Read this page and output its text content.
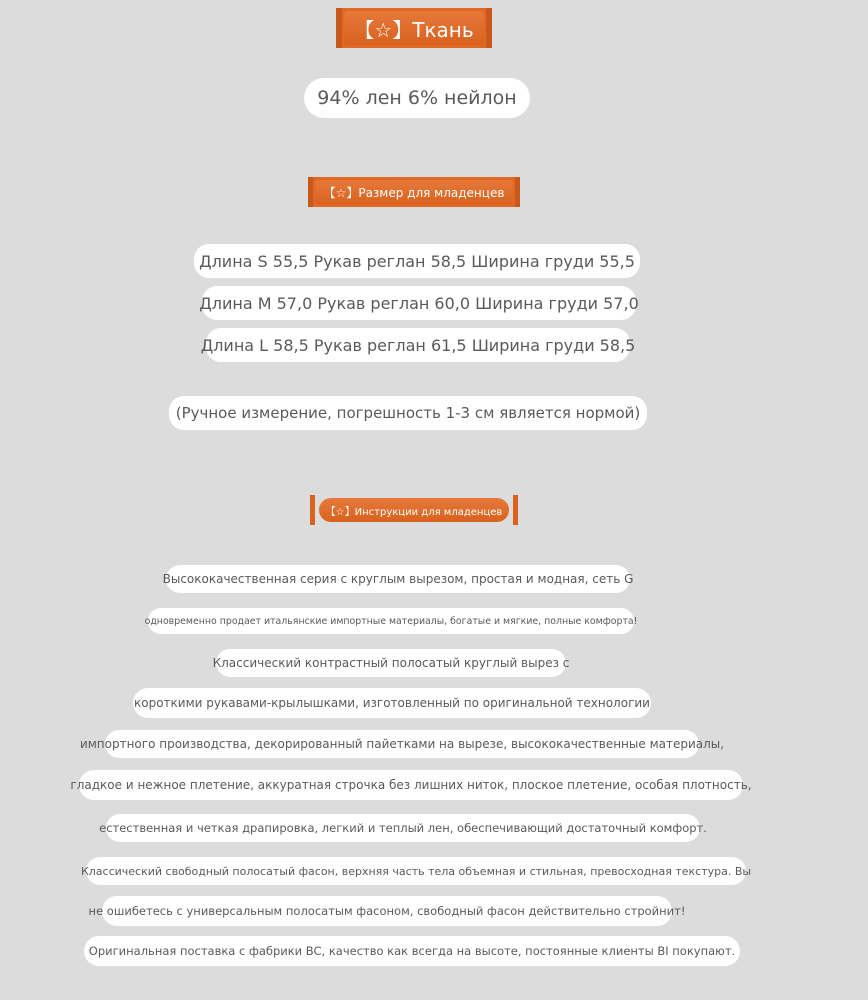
【☆】Ткань
94% лен 6% нейлон
【☆】Размер для младенцев
Длина S 55,5 Рукав реглан 58,5 Ширина груди 55,5
Длина M 57,0 Рукав реглан 60,0 Ширина груди 57,0
Длина L 58,5 Рукав реглан 61,5 Ширина груди 58,5
(Ручное измерение, погрешность 1-3 см является нормой)
【☆】Инструкции для младенцев
Высококачественная серия с круглым вырезом, простая и модная, сеть G
одновременно продает итальянские импортные материалы, богатые и мягкие, полные комфорта!
Классический контрастный полосатый круглый вырез с
короткими рукавами-крылышками, изготовленный по оригинальной технологии
импортного производства, декорированный пайетками на вырезе, высококачественные материалы,
гладкое и нежное плетение, аккуратная строчка без лишних ниток, плоское плетение, особая плотность,
естественная и четкая драпировка, легкий и теплый лен, обеспечивающий достаточный комфорт.
Классический свободный полосатый фасон, верхняя часть тела объемная и стильная, превосходная текстура. Вы
не ошибетесь с универсальным полосатым фасоном, свободный фасон действительно стройнит!
Оригинальная поставка с фабрики BC, качество как всегда на высоте, постоянные клиенты BI покупают.
